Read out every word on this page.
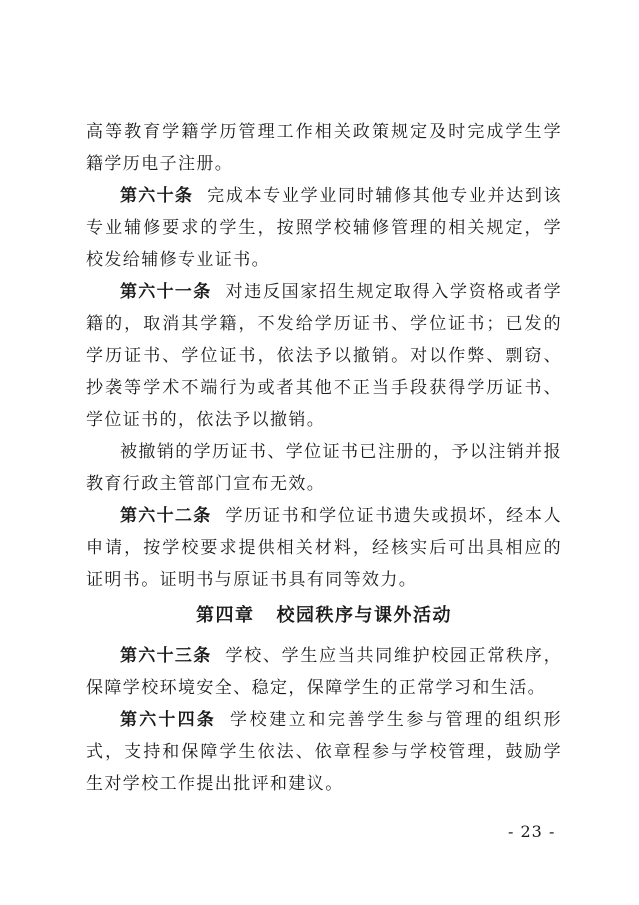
高等教育学籍学历管理工作相关政策规定及时完成学生学籍学历电子注册。

第六十条 完成本专业学业同时辅修其他专业并达到该专业辅修要求的学生，按照学校辅修管理的相关规定，学校发给辅修专业证书。

第六十一条 对违反国家招生规定取得入学资格或者学籍的，取消其学籍，不发给学历证书、学位证书；已发的学历证书、学位证书，依法予以撤销。对以作弊、剽窃、抄袭等学术不端行为或者其他不正当手段获得学历证书、学位证书的，依法予以撤销。

被撤销的学历证书、学位证书已注册的，予以注销并报教育行政主管部门宣布无效。

第六十二条 学历证书和学位证书遗失或损坏，经本人申请，按学校要求提供相关材料，经核实后可出具相应的证明书。证明书与原证书具有同等效力。

第四章 校园秩序与课外活动

第六十三条 学校、学生应当共同维护校园正常秩序，保障学校环境安全、稳定，保障学生的正常学习和生活。

第六十四条 学校建立和完善学生参与管理的组织形式，支持和保障学生依法、依章程参与学校管理，鼓励学生对学校工作提出批评和建议。

- 23 -
